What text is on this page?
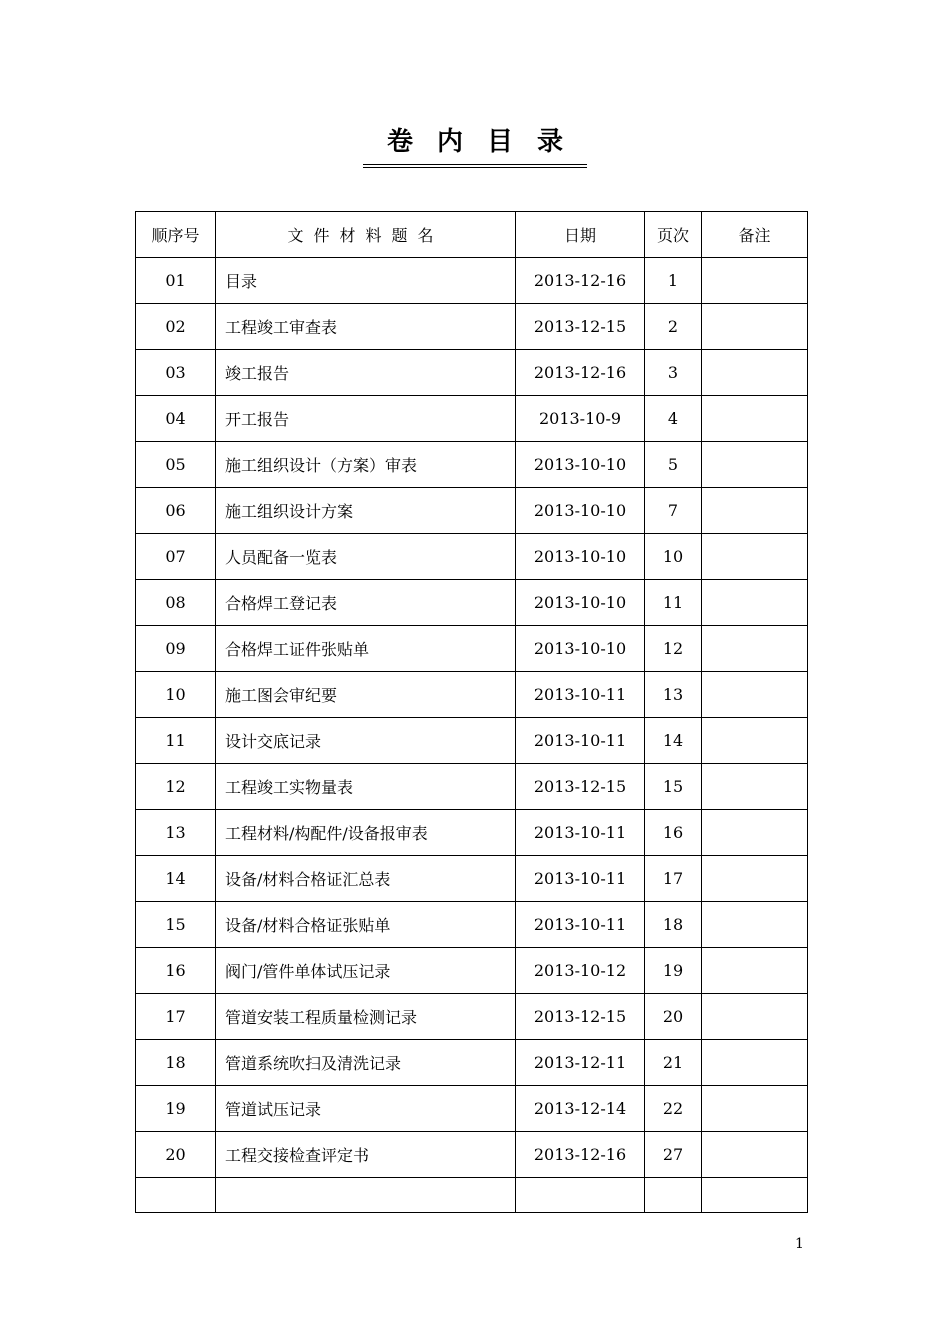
卷内目录
顺序号	文件材料题名	日期	页次	备注
01	目录	2013-12-16	1	
02	工程竣工审查表	2013-12-15	2	
03	竣工报告	2013-12-16	3	
04	开工报告	2013-10-9	4	
05	施工组织设计（方案）审表	2013-10-10	5	
06	施工组织设计方案	2013-10-10	7	
07	人员配备一览表	2013-10-10	10	
08	合格焊工登记表	2013-10-10	11	
09	合格焊工证件张贴单	2013-10-10	12	
10	施工图会审纪要	2013-10-11	13	
11	设计交底记录	2013-10-11	14	
12	工程竣工实物量表	2013-12-15	15	
13	工程材料/构配件/设备报审表	2013-10-11	16	
14	设备/材料合格证汇总表	2013-10-11	17	
15	设备/材料合格证张贴单	2013-10-11	18	
16	阀门/管件单体试压记录	2013-10-12	19	
17	管道安装工程质量检测记录	2013-12-15	20	
18	管道系统吹扫及清洗记录	2013-12-11	21	
19	管道试压记录	2013-12-14	22	
20	工程交接检查评定书	2013-12-16	27	

1
